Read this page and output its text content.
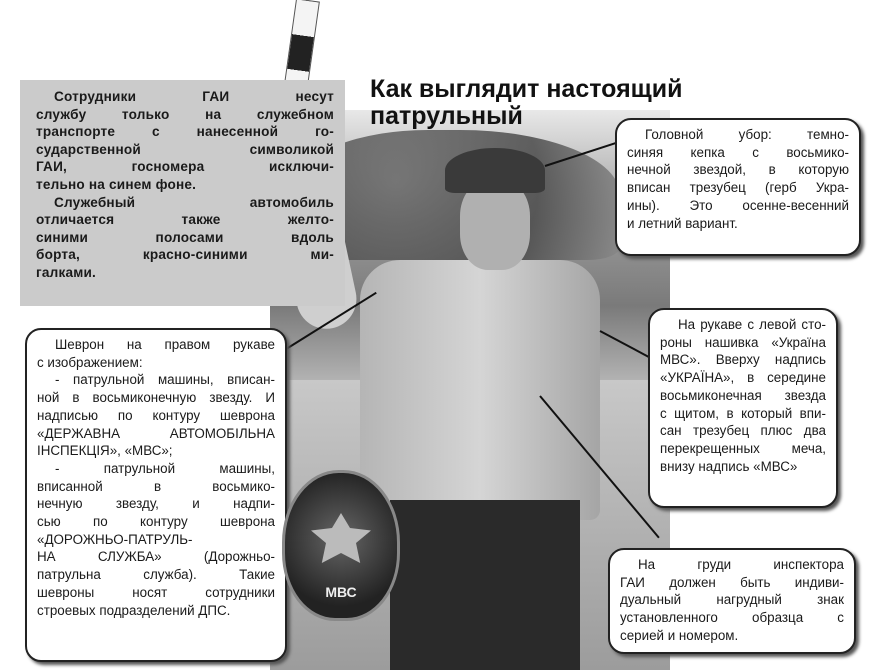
Сотрудники ГАИ несут
службу только на служебном
транспорте с нанесенной го-
сударственной символикой
ГАИ, госномера исключи-
тельно на синем фоне.
Служебный автомобиль
отличается также желто-
синими полосами вдоль
борта, красно-синими ми-
галками.
Как выглядит настоящий
патрульный
Головной убор: темно-
синяя кепка с восьмико-
нечной звездой, в которую
вписан трезубец (герб Укра-
ины). Это осенне-весенний
и летний вариант.
Шеврон на правом рукаве
с изображением:
- патрульной машины, вписан-
ной в восьмиконечную звезду. И
надписью по контуру шеврона
«ДЕРЖАВНА АВТОМОБІЛЬНА
ІНСПЕКЦІЯ», «МВС»;
- патрульной машины,
вписанной в восьмико-
нечную звезду, и надпи-
сью по контуру шеврона
«ДОРОЖНЬО-ПАТРУЛЬ-
НА СЛУЖБА» (Дорожньо-
патрульна служба). Такие
шевроны носят сотрудники
строевых подразделений ДПС.
На рукаве с левой сто-
роны нашивка «Україна
МВС». Вверху надпись
«УКРАЇНА», в середине
восьмиконечная звезда
с щитом, в который впи-
сан трезубец плюс два
перекрещенных меча,
внизу надпись «МВС»
На груди инспектора
ГАИ должен быть индиви-
дуальный нагрудный знак
установленного образца с
серией и номером.
МВС
